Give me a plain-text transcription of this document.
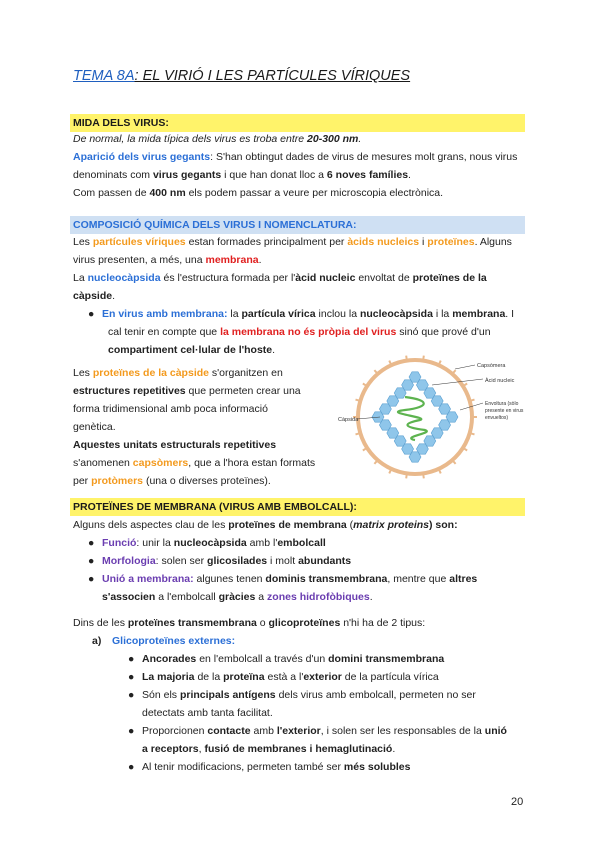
TEMA 8A: EL VIRIÓ I LES PARTÍCULES VÍRIQUES
MIDA DELS VIRUS:
De normal, la mida típica dels virus es troba entre 20-300 nm.
Aparició dels virus gegants: S'han obtingut dades de virus de mesures molt grans, nous virus
denominats com virus gegants i que han donat lloc a 6 noves famílies.
Com passen de 400 nm els podem passar a veure per microscopia electrònica.
COMPOSICIÓ QUÍMICA DELS VIRUS I NOMENCLATURA:
Les partícules víriques estan formades principalment per àcids nucleics i proteïnes. Alguns
virus presenten, a més, una membrana.
La nucleocàpsida és l'estructura formada per l'àcid nucleic envoltat de proteïnes de la
càpside.
● En virus amb membrana: la partícula vírica inclou la nucleocàpsida i la membrana. I
cal tenir en compte que la membrana no és pròpia del virus sinó que prové d'un
compartiment cel·lular de l'hoste.
Les proteïnes de la càpside s'organitzen en
estructures repetitives que permeten crear una
forma tridimensional amb poca informació
genètica.
Aquestes unitats estructurals repetitives
s'anomenen capsòmers, que a l'hora estan formats
per protòmers (una o diverses proteïnes).
Capsòmera
Àcid nucleic
Envoltura (sòlo
presente en virus
envueltos)
Càpsida
PROTEÏNES DE MEMBRANA (VIRUS AMB EMBOLCALL):
Alguns dels aspectes clau de les proteïnes de membrana (matrix proteins) son:
● Funció: unir la nucleocàpsida amb l'embolcall
● Morfologia: solen ser glicosilades i molt abundants
● Unió a membrana: algunes tenen dominis transmembrana, mentre que altres
s'associen a l'embolcall gràcies a zones hidrofòbiques.
Dins de les proteïnes transmembrana o glicoproteïnes n'hi ha de 2 tipus:
a) Glicoproteïnes externes:
● Ancorades en l'embolcall a través d'un domini transmembrana
● La majoria de la proteïna està a l'exterior de la partícula vírica
● Són els principals antígens dels virus amb embolcall, permeten no ser
detectats amb tanta facilitat.
● Proporcionen contacte amb l'exterior, i solen ser les responsables de la unió
a receptors, fusió de membranes i hemaglutinació.
● Al tenir modificacions, permeten també ser més solubles
20
